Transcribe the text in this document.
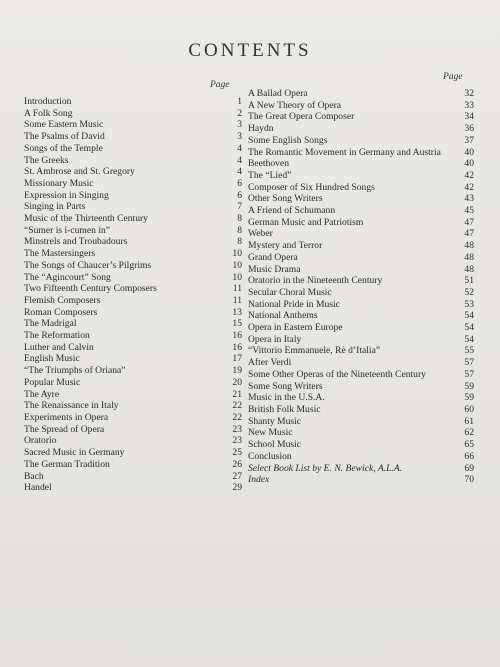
CONTENTS
Page
Page
Introduction	1
A Folk Song	2
Some Eastern Music	3
The Psalms of David	3
Songs of the Temple	4
The Greeks	4
St. Ambrose and St. Gregory	4
Missionary Music	6
Expression in Singing	6
Singing in Parts	7
Music of the Thirteenth Century	8
“Sumer is i-cumen in”	8
Minstrels and Troubadours	8
The Mastersingers	10
The Songs of Chaucer’s Pilgrims	10
The “Agincourt” Song	10
Two Fifteenth Century Composers	11
Flemish Composers	11
Roman Composers	13
The Madrigal	15
The Reformation	16
Luther and Calvin	16
English Music	17
“The Triumphs of Oriana”	19
Popular Music	20
The Ayre	21
The Renaissance in Italy	22
Experiments in Opera	22
The Spread of Opera	23
Oratorio	23
Sacred Music in Germany	25
The German Tradition	26
Bach	27
Handel	29
A Ballad Opera	32
A New Theory of Opera	33
The Great Opera Composer	34
Haydn	36
Some English Songs	37
The Romantic Movement in Germany and Austria	40
Beethoven	40
The “Lied”	42
Composer of Six Hundred Songs	42
Other Song Writers	43
A Friend of Schumann	45
German Music and Patriotism	47
Weber	47
Mystery and Terror	48
Grand Opera	48
Music Drama	48
Oratorio in the Nineteenth Century	51
Secular Choral Music	52
National Pride in Music	53
National Anthems	54
Opera in Eastern Europe	54
Opera in Italy	54
“Vittorio Emmanuele, Rè d’Italia”	55
After Verdi	57
Some Other Operas of the Nineteenth Century	57
Some Song Writers	59
Music in the U.S.A.	59
British Folk Music	60
Shanty Music	61
New Music	62
School Music	65
Conclusion	66
Select Book List by E. N. Bewick, A.L.A.	69
Index	70
